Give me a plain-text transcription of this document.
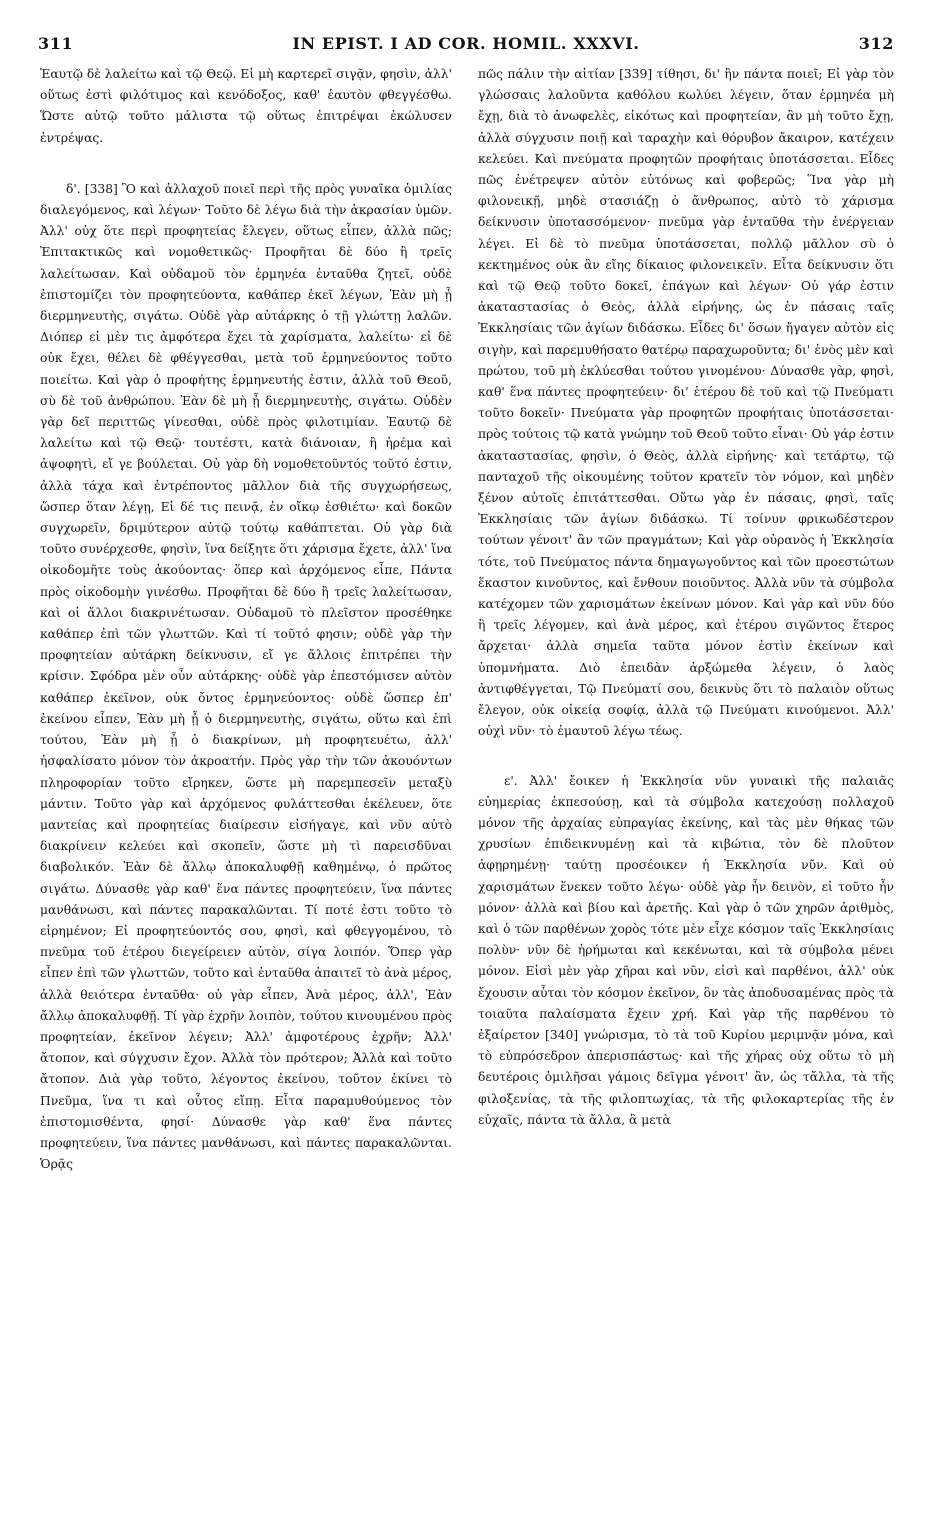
311	IN EPIST. I AD COR. HOMIL. XXXVI.	312

Ἑαυτῷ δὲ λαλείτω καὶ τῷ Θεῷ. Εἰ μὴ καρτερεῖ σιγᾷν, φησὶν, ἀλλ' οὕτως ἐστὶ φιλότιμος καὶ κενόδοξος, καθ' ἑαυτὸν φθεγγέσθω. Ὥστε αὐτῷ τοῦτο μάλιστα τῷ οὕτως ἐπιτρέψαι ἐκώλυσεν ἐντρέψας.

δ'. [338] Ὃ καὶ ἀλλαχοῦ ποιεῖ περὶ τῆς πρὸς γυναῖκα ὁμιλίας διαλεγόμενος, καὶ λέγων· Τοῦτο δὲ λέγω διὰ τὴν ἀκρασίαν ὑμῶν. Ἀλλ' οὐχ ὅτε περὶ προφητείας ἔλεγεν, οὕτως εἶπεν, ἀλλὰ πῶς; Ἐπιτακτικῶς καὶ νομοθετικῶς· Προφῆται δὲ δύο ἢ τρεῖς λαλείτωσαν. Καὶ οὐδαμοῦ τὸν ἑρμηνέα ἐνταῦθα ζητεῖ, οὐδὲ ἐπιστομίζει τὸν προφητεύοντα, καθάπερ ἐκεῖ λέγων, Ἐὰν μὴ ᾖ διερμηνευτὴς, σιγάτω. Οὐδὲ γὰρ αὐτάρκης ὁ τῇ γλώττῃ λαλῶν. Διόπερ εἰ μὲν τις ἀμφότερα ἔχει τὰ χαρίσματα, λαλείτω· εἰ δὲ οὐκ ἔχει, θέλει δὲ φθέγγεσθαι, μετὰ τοῦ ἑρμηνεύοντος τοῦτο ποιείτω. Καὶ γὰρ ὁ προφήτης ἑρμηνευτής ἐστιν, ἀλλὰ τοῦ Θεοῦ, σὺ δὲ τοῦ ἀνθρώπου. Ἐὰν δὲ μὴ ᾖ διερμηνευτὴς, σιγάτω. Οὐδὲν γὰρ δεῖ περιττῶς γίνεσθαι, οὐδὲ πρὸς φιλοτιμίαν. Ἑαυτῷ δὲ λαλείτω καὶ τῷ Θεῷ· τουτέστι, κατὰ διάνοιαν, ἢ ἠρέμα καὶ ἀψοφητὶ, εἴ γε βούλεται. Οὐ γὰρ δὴ νομοθετοῦντός τοῦτό ἐστιν, ἀλλὰ τάχα καὶ ἐντρέποντος μᾶλλον διὰ τῆς συγχωρήσεως, ὥσπερ ὅταν λέγῃ, Εἰ δέ τις πεινᾷ, ἐν οἴκῳ ἐσθιέτω· καὶ δοκῶν συγχωρεῖν, δριμύτερον αὐτῷ τούτῳ καθάπτεται. Οὐ γὰρ διὰ τοῦτο συνέρχεσθε, φησὶν, ἵνα δείξητε ὅτι χάρισμα ἔχετε, ἀλλ' ἵνα οἰκοδομῆτε τοὺς ἀκούοντας· ὅπερ καὶ ἀρχόμενος εἶπε, Πάντα πρὸς οἰκοδομὴν γινέσθω. Προφῆται δὲ δύο ἢ τρεῖς λαλείτωσαν, καὶ οἱ ἄλλοι διακρινέτωσαν. Οὐδαμοῦ τὸ πλεῖστον προσέθηκε καθάπερ ἐπὶ τῶν γλωττῶν. Καὶ τί τοῦτό φησιν; οὐδὲ γὰρ τὴν προφητείαν αὐτάρκη δείκνυσιν, εἴ γε ἄλλοις ἐπιτρέπει τὴν κρίσιν. Σφόδρα μὲν οὖν αὐτάρκης· οὐδὲ γὰρ ἐπεστόμισεν αὐτὸν καθάπερ ἐκεῖνον, οὐκ ὄντος ἑρμηνεύοντος· οὐδὲ ὥσπερ ἐπ' ἐκείνου εἶπεν, Ἐὰν μὴ ᾖ ὁ διερμηνευτὴς, σιγάτω, οὕτω καὶ ἐπὶ τούτου, Ἐὰν μὴ ᾖ ὁ διακρίνων, μὴ προφητευέτω, ἀλλ' ἠσφαλίσατο μόνον τὸν ἀκροατήν. Πρὸς γὰρ τὴν τῶν ἀκουόντων πληροφορίαν τοῦτο εἴρηκεν, ὥστε μὴ παρεμπεσεῖν μεταξὺ μάντιν. Τοῦτο γὰρ καὶ ἀρχόμενος φυλάττεσθαι ἐκέλευεν, ὅτε μαντείας καὶ προφητείας διαίρεσιν εἰσήγαγε, καὶ νῦν αὐτὸ διακρίνειν κελεύει καὶ σκοπεῖν, ὥστε μὴ τὶ παρεισδῦναι διαβολικόν. Ἐὰν δὲ ἄλλῳ ἀποκαλυφθῇ καθημένῳ, ὁ πρῶτος σιγάτω. Δύνασθε γὰρ καθ' ἕνα πάντες προφητεύειν, ἵνα πάντες μανθάνωσι, καὶ πάντες παρακαλῶνται. Τί ποτέ ἐστι τοῦτο τὸ εἰρημένον; Εἰ προφητεύοντός σου, φησὶ, καὶ φθεγγομένου, τὸ πνεῦμα τοῦ ἑτέρου διεγείρειεν αὐτὸν, σίγα λοιπόν. Ὅπερ γὰρ εἶπεν ἐπὶ τῶν γλωττῶν, τοῦτο καὶ ἐνταῦθα ἀπαιτεῖ τὸ ἀνὰ μέρος, ἀλλὰ θειότερα ἐνταῦθα· οὐ γὰρ εἶπεν, Ἀνὰ μέρος, ἀλλ', Ἐὰν ἄλλῳ ἀποκαλυφθῇ. Τί γὰρ ἐχρῆν λοιπὸν, τούτου κινουμένου πρὸς προφητείαν, ἐκεῖνον λέγειν; Ἀλλ' ἀμφοτέρους ἐχρῆν; Ἀλλ' ἄτοπον, καὶ σύγχυσιν ἔχον. Ἀλλὰ τὸν πρότερον; Ἀλλὰ καὶ τοῦτο ἄτοπον. Διὰ γὰρ τοῦτο, λέγοντος ἐκείνου, τοῦτον ἐκίνει τὸ Πνεῦμα, ἵνα τι καὶ οὗτος εἴπῃ. Εἶτα παραμυθούμενος τὸν ἐπιστομισθέντα, φησί· Δύνασθε γὰρ καθ' ἕνα πάντες προφητεύειν, ἵνα πάντες μανθάνωσι, καὶ πάντες παρακαλῶνται. Ὁρᾷς

πῶς πάλιν τὴν αἰτίαν [339] τίθησι, δι' ἣν πάντα ποιεῖ; Εἰ γὰρ τὸν γλώσσαις λαλοῦντα καθόλου κωλύει λέγειν, ὅταν ἑρμηνέα μὴ ἔχῃ, διὰ τὸ ἀνωφελὲς, εἰκότως καὶ προφητείαν, ἂν μὴ τοῦτο ἔχῃ, ἀλλὰ σύγχυσιν ποιῇ καὶ ταραχὴν καὶ θόρυβον ἄκαιρον, κατέχειν κελεύει. Καὶ πνεύματα προφητῶν προφήταις ὑποτάσσεται. Εἶδες πῶς ἐνέτρεψεν αὐτὸν εὐτόνως καὶ φοβερῶς; Ἵνα γὰρ μὴ φιλονεικῇ, μηδὲ στασιάζῃ ὁ ἄνθρωπος, αὐτὸ τὸ χάρισμα δείκνυσιν ὑποτασσόμενον· πνεῦμα γὰρ ἐνταῦθα τὴν ἐνέργειαν λέγει. Εἰ δὲ τὸ πνεῦμα ὑποτάσσεται, πολλῷ μᾶλλον σὺ ὁ κεκτημένος οὐκ ἂν εἴης δίκαιος φιλονεικεῖν. Εἶτα δείκνυσιν ὅτι καὶ τῷ Θεῷ τοῦτο δοκεῖ, ἐπάγων καὶ λέγων· Οὐ γάρ ἐστιν ἀκαταστασίας ὁ Θεὸς, ἀλλὰ εἰρήνης, ὡς ἐν πάσαις ταῖς Ἐκκλησίαις τῶν ἁγίων διδάσκω. Εἶδες δι' ὅσων ἤγαγεν αὐτὸν εἰς σιγὴν, καὶ παρεμυθήσατο θατέρῳ παραχωροῦντα; δι' ἑνὸς μὲν καὶ πρώτου, τοῦ μὴ ἐκλύεσθαι τούτου γινομένου· Δύνασθε γὰρ, φησὶ, καθ' ἕνα πάντες προφητεύειν· δι' ἑτέρου δὲ τοῦ καὶ τῷ Πνεύματι τοῦτο δοκεῖν· Πνεύματα γὰρ προφητῶν προφήταις ὑποτάσσεται· πρὸς τούτοις τῷ κατὰ γνώμην τοῦ Θεοῦ τοῦτο εἶναι· Οὐ γάρ ἐστιν ἀκαταστασίας, φησὶν, ὁ Θεὸς, ἀλλὰ εἰρήνης· καὶ τετάρτῳ, τῷ πανταχοῦ τῆς οἰκουμένης τοῦτον κρατεῖν τὸν νόμον, καὶ μηδὲν ξένον αὐτοῖς ἐπιτάττεσθαι. Οὕτω γὰρ ἐν πάσαις, φησὶ, ταῖς Ἐκκλησίαις τῶν ἁγίων διδάσκω. Τί τοίνυν φρικωδέστερον τούτων γένοιτ' ἂν τῶν πραγμάτων; Καὶ γὰρ οὐρανὸς ἡ Ἐκκλησία τότε, τοῦ Πνεύματος πάντα δημαγωγοῦντος καὶ τῶν προεστώτων ἕκαστον κινοῦντος, καὶ ἔνθουν ποιοῦντος. Ἀλλὰ νῦν τὰ σύμβολα κατέχομεν τῶν χαρισμάτων ἐκείνων μόνον. Καὶ γὰρ καὶ νῦν δύο ἢ τρεῖς λέγομεν, καὶ ἀνὰ μέρος, καὶ ἑτέρου σιγῶντος ἕτερος ἄρχεται· ἀλλὰ σημεῖα ταῦτα μόνον ἐστὶν ἐκείνων καὶ ὑπομνήματα. Διὸ ἐπειδὰν ἀρξώμεθα λέγειν, ὁ λαὸς ἀντιφθέγγεται, Τῷ Πνεύματί σου, δεικνὺς ὅτι τὸ παλαιὸν οὕτως ἔλεγον, οὐκ οἰκείᾳ σοφίᾳ, ἀλλὰ τῷ Πνεύματι κινούμενοι. Ἀλλ' οὐχὶ νῦν· τὸ ἐμαυτοῦ λέγω τέως.

ε'. Ἀλλ' ἔοικεν ἡ Ἐκκλησία νῦν γυναικὶ τῆς παλαιᾶς εὐημερίας ἐκπεσούσῃ, καὶ τὰ σύμβολα κατεχούσῃ πολλαχοῦ μόνον τῆς ἀρχαίας εὐπραγίας ἐκείνης, καὶ τὰς μὲν θήκας τῶν χρυσίων ἐπιδεικνυμένῃ καὶ τὰ κιβώτια, τὸν δὲ πλοῦτον ἀφῃρημένῃ· ταύτῃ προσέοικεν ἡ Ἐκκλησία νῦν. Καὶ οὐ χαρισμάτων ἕνεκεν τοῦτο λέγω· οὐδὲ γὰρ ἦν δεινὸν, εἰ τοῦτο ἦν μόνον· ἀλλὰ καὶ βίου καὶ ἀρετῆς. Καὶ γὰρ ὁ τῶν χηρῶν ἀριθμὸς, καὶ ὁ τῶν παρθένων χορὸς τότε μὲν εἶχε κόσμον ταῖς Ἐκκλησίαις πολὺν· νῦν δὲ ἠρήμωται καὶ κεκένωται, καὶ τὰ σύμβολα μένει μόνον. Εἰσὶ μὲν γὰρ χῆραι καὶ νῦν, εἰσὶ καὶ παρθένοι, ἀλλ' οὐκ ἔχουσιν αὗται τὸν κόσμον ἐκεῖνον, ὃν τὰς ἀποδυσαμένας πρὸς τὰ τοιαῦτα παλαίσματα ἔχειν χρή. Καὶ γὰρ τῆς παρθένου τὸ ἐξαίρετον [340] γνώρισμα, τὸ τὰ τοῦ Κυρίου μεριμνᾷν μόνα, καὶ τὸ εὐπρόσεδρον ἀπερισπάστως· καὶ τῆς χήρας οὐχ οὕτω τὸ μὴ δευτέροις ὁμιλῆσαι γάμοις δεῖγμα γένοιτ' ἂν, ὡς τἄλλα, τὰ τῆς φιλοξενίας, τὰ τῆς φιλοπτωχίας, τὰ τῆς φιλοκαρτερίας τῆς ἐν εὐχαῖς, πάντα τὰ ἄλλα, ἃ μετὰ
